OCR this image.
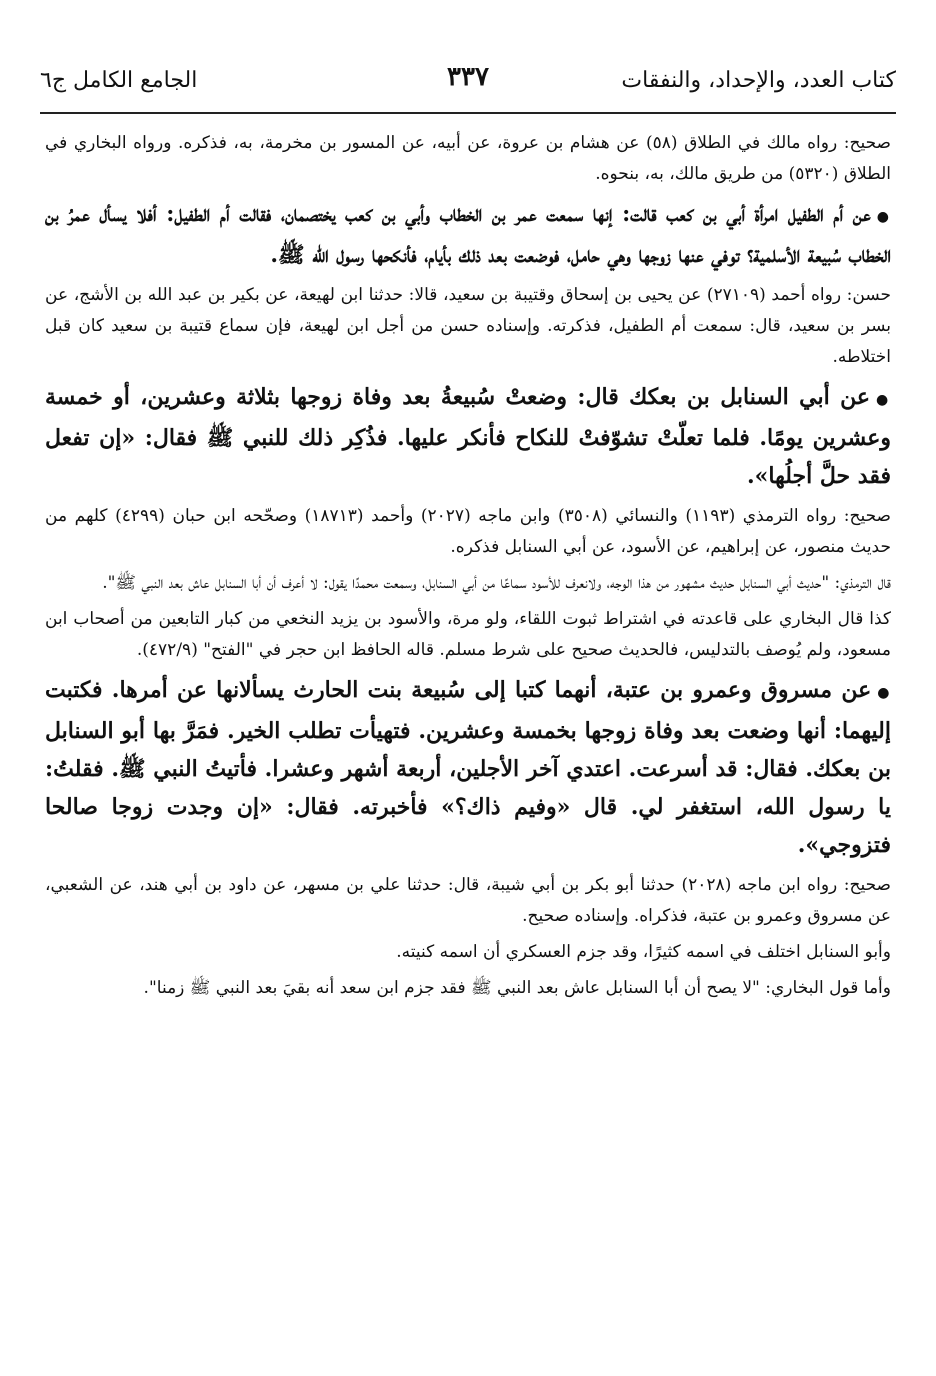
كتاب العدد، والإحداد، والنفقات
٣٣٧
الجامع الكامل ج٦

صحيح: رواه مالك في الطلاق (٥٨) عن هشام بن عروة، عن أبيه، عن المسور بن مخرمة، به، فذكره. ورواه البخاري في الطلاق (٥٣٢٠) من طريق مالك، به، بنحوه.

●عن أم الطفيل امرأة أبي بن كعب قالت: إنها سمعت عمر بن الخطاب وأبي بن كعب يختصمان، فقالت أم الطفيل: أفلا يسأل عمرُ بن الخطاب سُبيعة الأسلمية؟ توفي عنها زوجها وهي حامل، فوضعت بعد ذلك بأيام، فأنكحها رسول الله ﷺ.

حسن: رواه أحمد (٢٧١٠٩) عن يحيى بن إسحاق وقتيبة بن سعيد، قالا: حدثنا ابن لهيعة، عن بكير بن عبد الله بن الأشج، عن بسر بن سعيد، قال: سمعت أم الطفيل، فذكرته. وإسناده حسن من أجل ابن لهيعة، فإن سماع قتيبة بن سعيد كان قبل اختلاطه.

●عن أبي السنابل بن بعكك قال: وضعتْ سُبيعةُ بعد وفاة زوجها بثلاثة وعشرين، أو خمسة وعشرين يومًا. فلما تعلّتْ تشوّفتْ للنكاح فأنكر عليها. فذُكِر ذلك للنبي ﷺ فقال: «إن تفعل فقد حلَّ أجلُها».

صحيح: رواه الترمذي (١١٩٣) والنسائي (٣٥٠٨) وابن ماجه (٢٠٢٧) وأحمد (١٨٧١٣) وصحّحه ابن حبان (٤٢٩٩) كلهم من حديث منصور، عن إبراهيم، عن الأسود، عن أبي السنابل فذكره.

قال الترمذي: "حديث أبي السنابل حديث مشهور من هذا الوجه، ولانعرف للأسود سماعًا من أبي السنابل، وسمعت محمدًا يقول: لا أعرف أن أبا السنابل عاش بعد النبي ﷺ".

كذا قال البخاري على قاعدته في اشتراط ثبوت اللقاء، ولو مرة، والأسود بن يزيد النخعي من كبار التابعين من أصحاب ابن مسعود، ولم يُوصف بالتدليس، فالحديث صحيح على شرط مسلم. قاله الحافظ ابن حجر في "الفتح" (٤٧٢/٩).

●عن مسروق وعمرو بن عتبة، أنهما كتبا إلى سُبيعة بنت الحارث يسألانها عن أمرها. فكتبت إليهما: أنها وضعت بعد وفاة زوجها بخمسة وعشرين. فتهيأت تطلب الخير. فمَرَّ بها أبو السنابل بن بعكك. فقال: قد أسرعت. اعتدي آخر الأجلين، أربعة أشهر وعشرا. فأتيتُ النبي ﷺ. فقلتُ: يا رسول الله، استغفر لي. قال «وفيم ذاك؟» فأخبرته. فقال: «إن وجدت زوجا صالحا فتزوجي».

صحيح: رواه ابن ماجه (٢٠٢٨) حدثنا أبو بكر بن أبي شيبة، قال: حدثنا علي بن مسهر، عن داود بن أبي هند، عن الشعبي، عن مسروق وعمرو بن عتبة، فذكراه. وإسناده صحيح.

وأبو السنابل اختلف في اسمه كثيرًا، وقد جزم العسكري أن اسمه كنيته.

وأما قول البخاري: "لا يصح أن أبا السنابل عاش بعد النبي ﷺ فقد جزم ابن سعد أنه بقيَ بعد النبي ﷺ زمنا".
